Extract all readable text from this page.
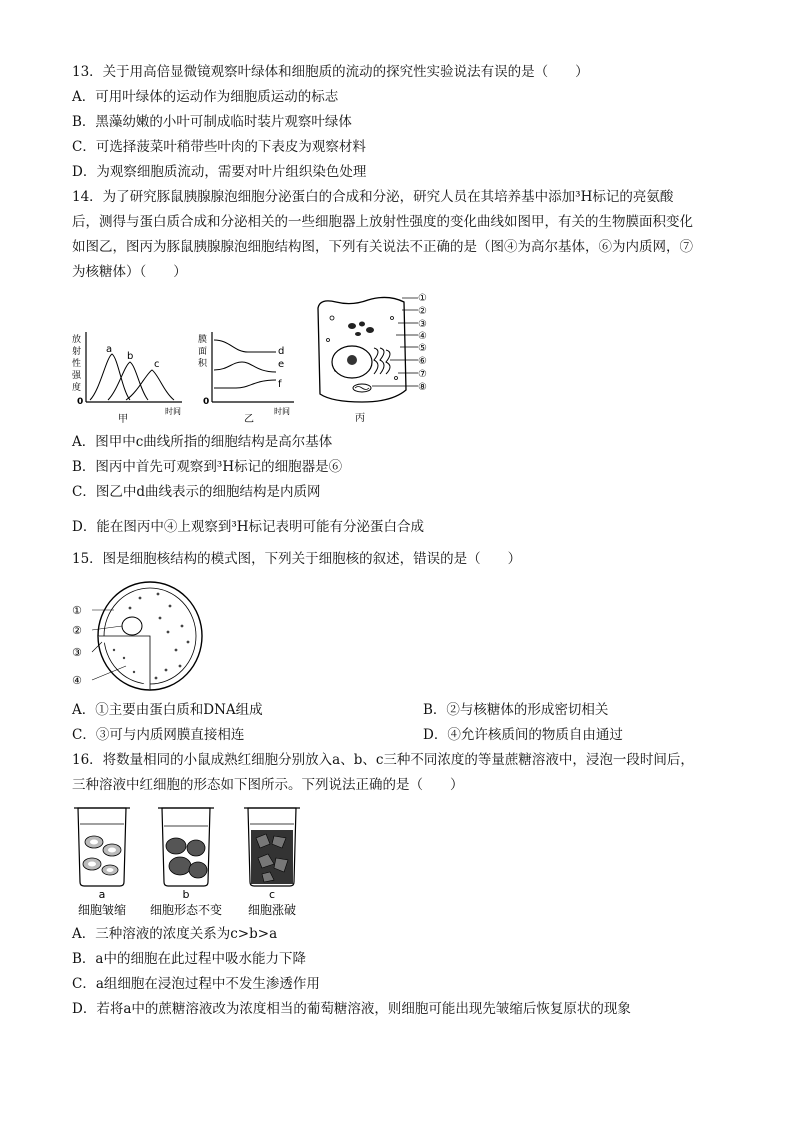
13．关于用高倍显微镜观察叶绿体和细胞质的流动的探究性实验说法有误的是（　　）
A．可用叶绿体的运动作为细胞质运动的标志
B．黑藻幼嫩的小叶可制成临时装片观察叶绿体
C．可选择菠菜叶稍带些叶肉的下表皮为观察材料
D．为观察细胞质流动，需要对叶片组织染色处理
14．为了研究豚鼠胰腺腺泡细胞分泌蛋白的合成和分泌，研究人员在其培养基中添加³H标记的亮氨酸
后，测得与蛋白质合成和分泌相关的一些细胞器上放射性强度的变化曲线如图甲，有关的生物膜面积变化
如图乙，图丙为豚鼠胰腺腺泡细胞结构图，下列有关说法不正确的是（图④为高尔基体，⑥为内质网，⑦
为核糖体）（　　）
放
射
性
强
度
0
a
b
c
时间
甲
膜
面
积
0
d
e
f
时间
乙
①
②
③
④
⑤
⑥
⑦
⑧
丙
A．图甲中c曲线所指的细胞结构是高尔基体
B．图丙中首先可观察到³H标记的细胞器是⑥
C．图乙中d曲线表示的细胞结构是内质网
D．能在图丙中④上观察到³H标记表明可能有分泌蛋白合成
15．图是细胞核结构的模式图，下列关于细胞核的叙述，错误的是（　　）
①
②
③
④
A．①主要由蛋白质和DNA组成	B．②与核糖体的形成密切相关
C．③可与内质网膜直接相连	D．④允许核质间的物质自由通过
16．将数量相同的小鼠成熟红细胞分别放入a、b、c三种不同浓度的等量蔗糖溶液中，浸泡一段时间后，
三种溶液中红细胞的形态如下图所示。下列说法正确的是（　　）
a	b	c
细胞皱缩 细胞形态不变 细胞涨破
A．三种溶液的浓度关系为c>b>a
B．a中的细胞在此过程中吸水能力下降
C．a组细胞在浸泡过程中不发生渗透作用
D．若将a中的蔗糖溶液改为浓度相当的葡萄糖溶液，则细胞可能出现先皱缩后恢复原状的现象
